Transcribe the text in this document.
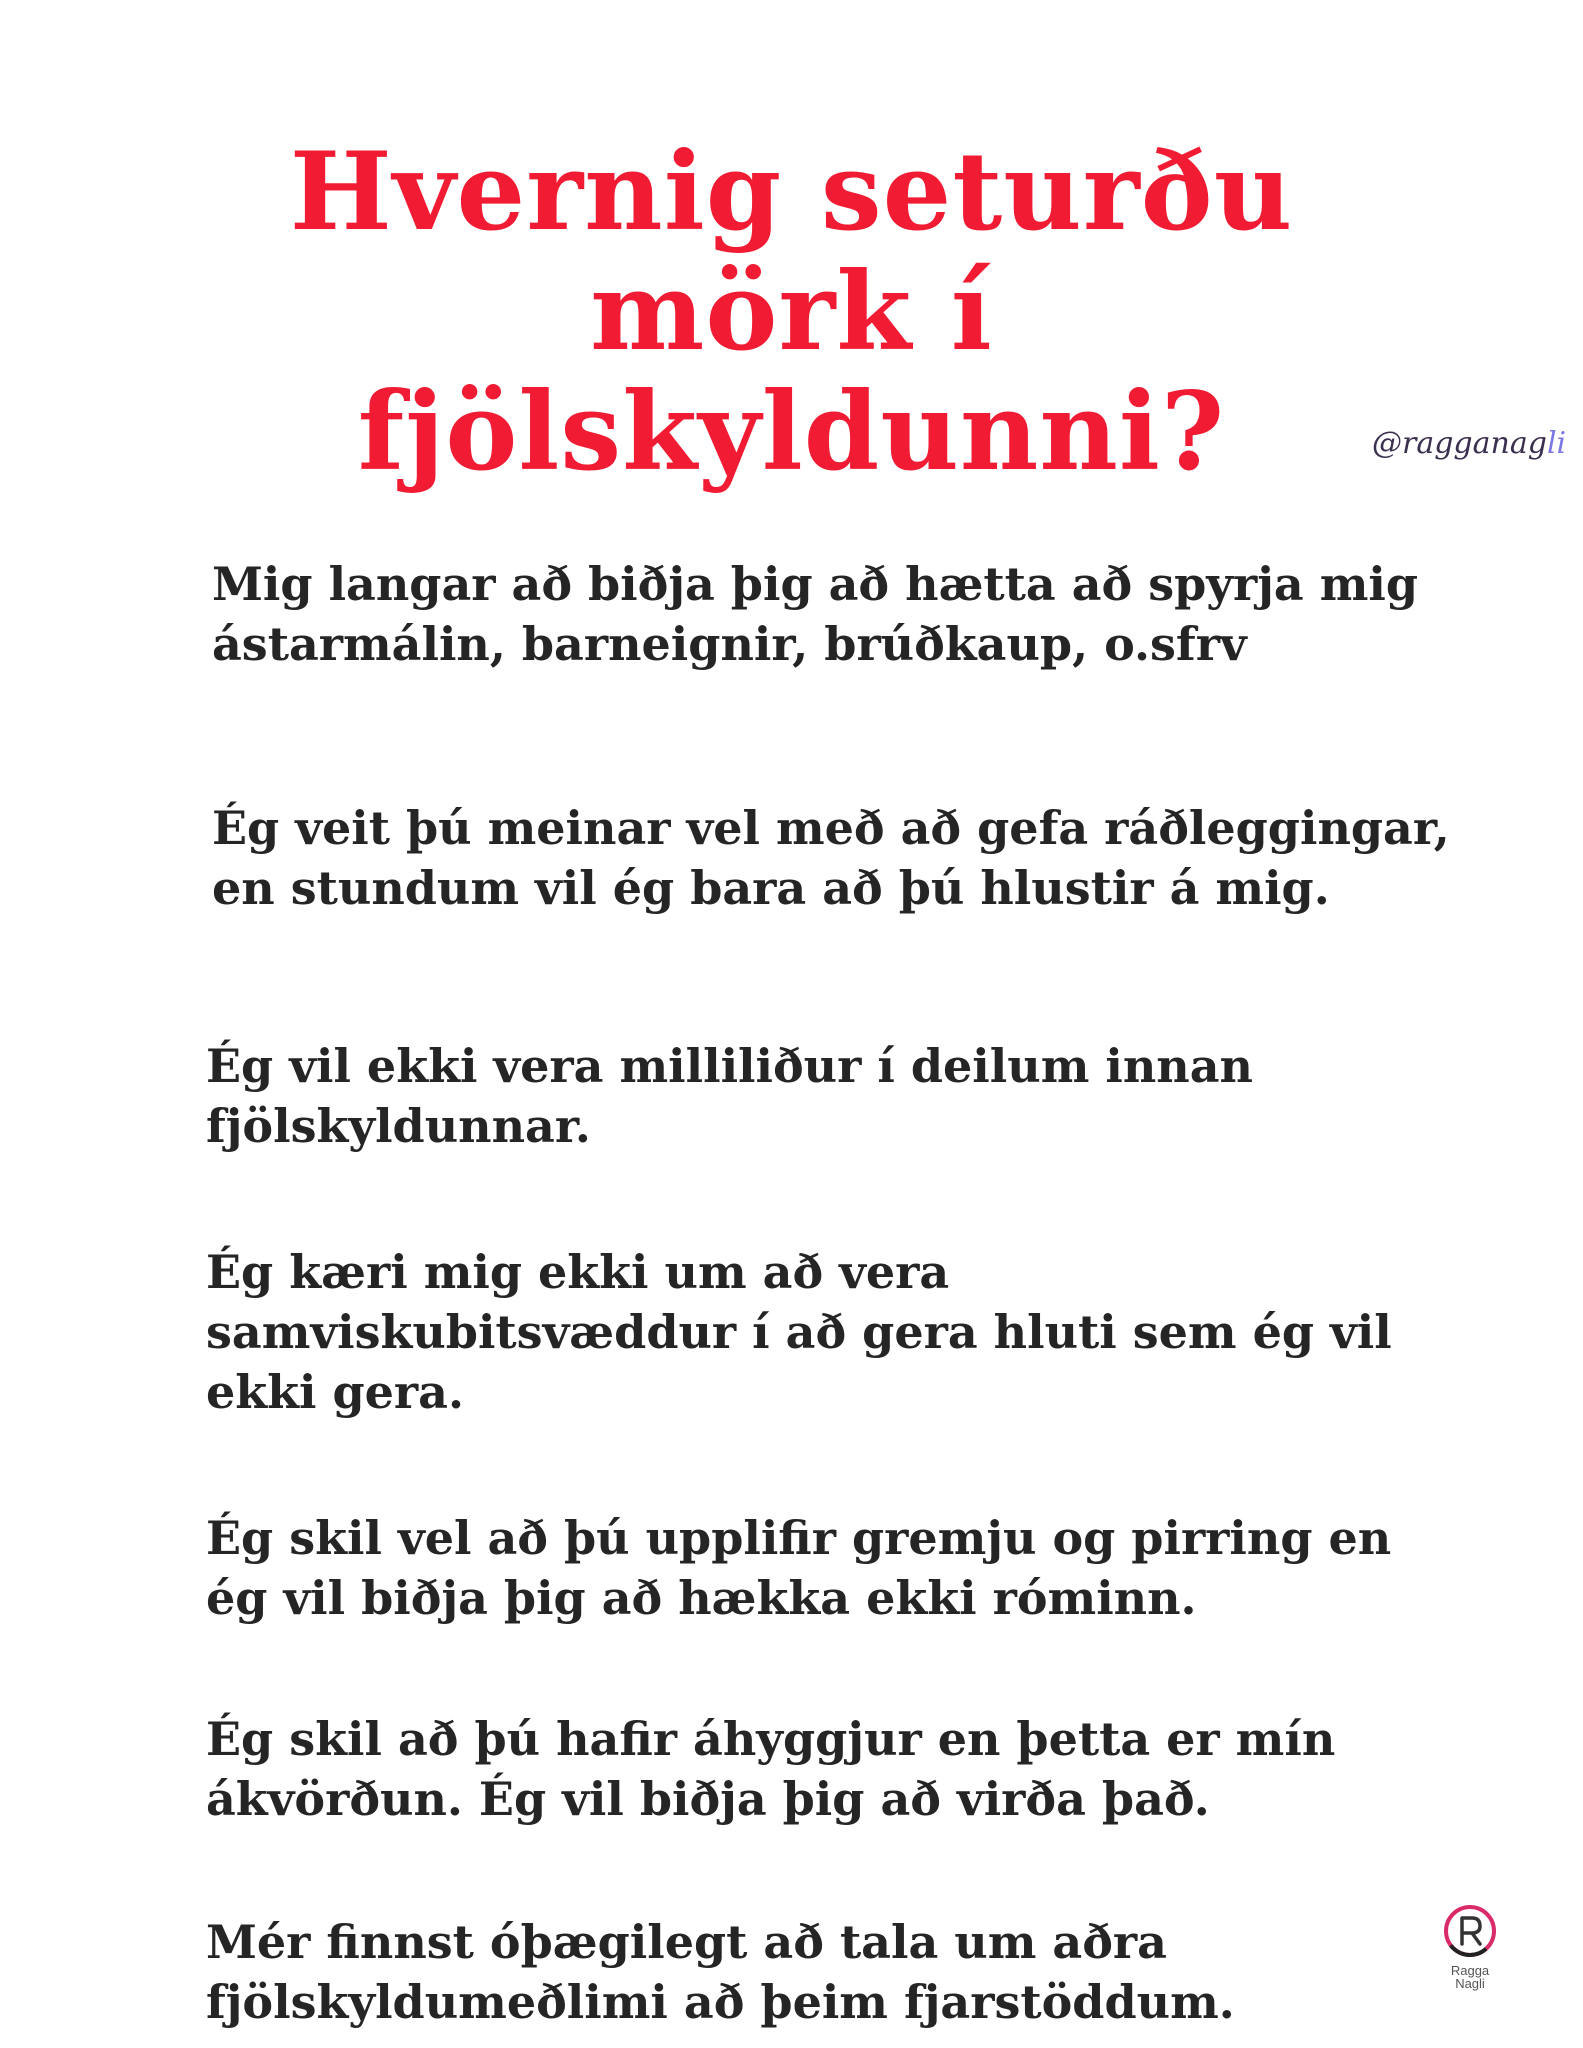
Hvernig seturðu
mörk í
fjölskyldunni?	@ragganagli

Mig langar að biðja þig að hætta að spyrja mig ástarmálin, barneignir, brúðkaup, o.sfrv

Ég veit þú meinar vel með að gefa ráðleggingar, en stundum vil ég bara að þú hlustir á mig.

Ég vil ekki vera milliliður í deilum innan fjölskyldunnar.

Ég kæri mig ekki um að vera samviskubitsvæddur í að gera hluti sem ég vil ekki gera.

Ég skil vel að þú upplifir gremju og pirring en ég vil biðja þig að hækka ekki róminn.

Ég skil að þú hafir áhyggjur en þetta er mín ákvörðun. Ég vil biðja þig að virða það.

Mér finnst óþægilegt að tala um aðra fjölskyldumeðlimi að þeim fjarstöddum.

Ragga
Nagli
